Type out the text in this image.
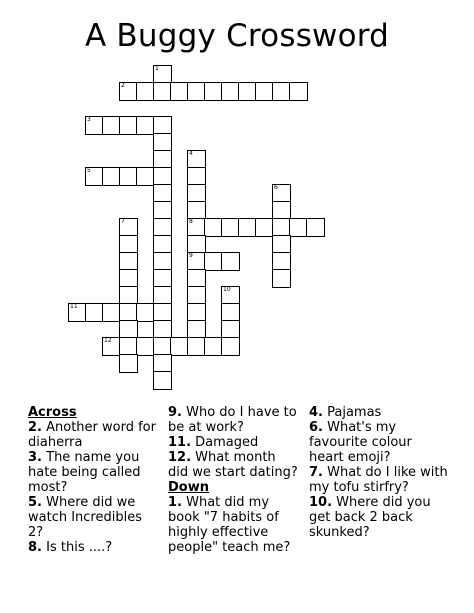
A Buggy Crossword
1
2
3
4
5
6
7	8
9
10
11
12
Across
2. Another word for diaherra
3. The name you hate being called most?
5. Where did we watch Incredibles 2?
8. Is this ....?
9. Who do I have to be at work?
11. Damaged
12. What month did we start dating?
Down
1. What did my book "7 habits of highly effective people" teach me?
4. Pajamas
6. What's my favourite colour heart emoji?
7. What do I like with my tofu stirfry?
10. Where did you get back 2 back skunked?
